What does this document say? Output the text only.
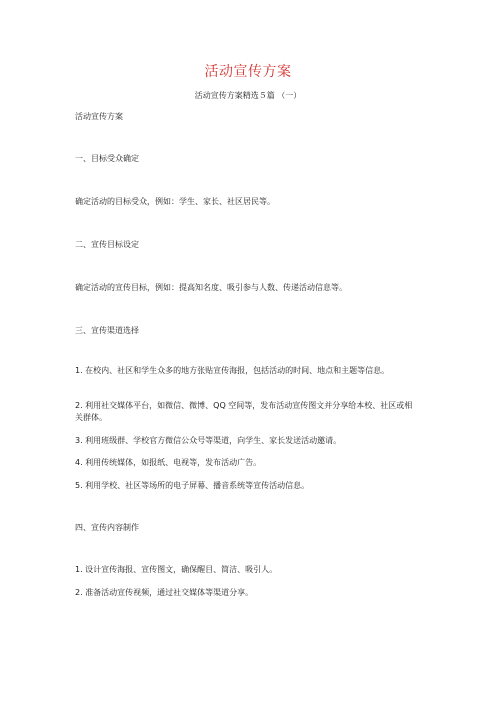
活动宣传方案
活动宣传方案精选５篇 （一）
活动宣传方案
一、目标受众确定
确定活动的目标受众，例如：学生、家长、社区居民等。
二、宣传目标设定
确定活动的宣传目标，例如：提高知名度、吸引参与人数、传递活动信息等。
三、宣传渠道选择
1. 在校内、社区和学生众多的地方张贴宣传海报，包括活动的时间、地点和主题等信息。
2. 利用社交媒体平台，如微信、微博、QQ 空间等，发布活动宣传图文并分享给本校、社区或相关群体。
3. 利用班级群、学校官方微信公众号等渠道，向学生、家长发送活动邀请。
4. 利用传统媒体，如报纸、电视等，发布活动广告。
5. 利用学校、社区等场所的电子屏幕、播音系统等宣传活动信息。
四、宣传内容制作
1. 设计宣传海报、宣传图文，确保醒目、简洁、吸引人。
2. 准备活动宣传视频，通过社交媒体等渠道分享。
